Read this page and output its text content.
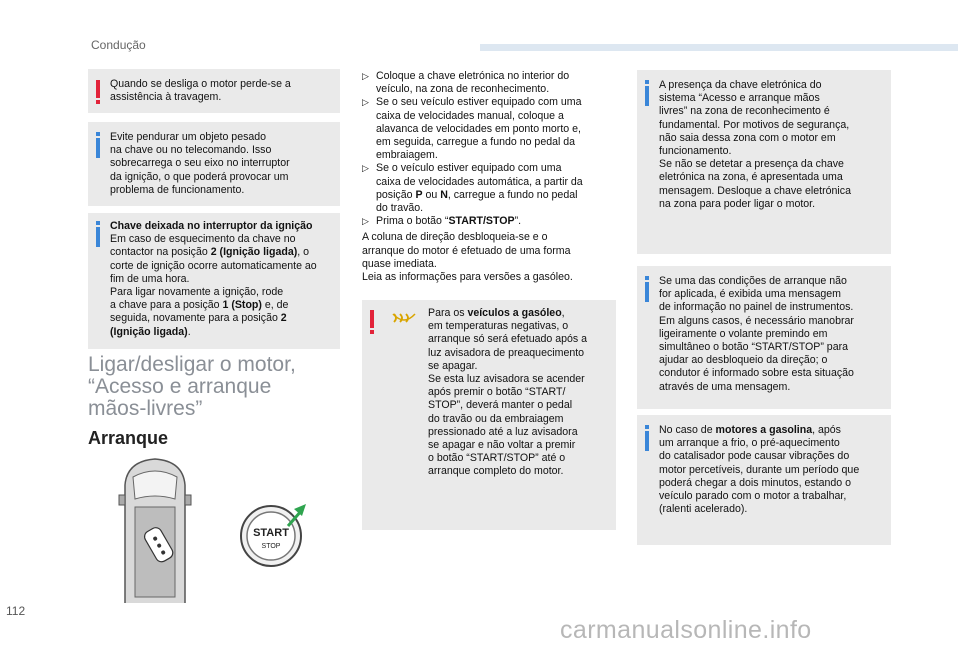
Condução
Quando se desliga o motor perde-se a
assistência à travagem.
Evite pendurar um objeto pesado
na chave ou no telecomando. Isso
sobrecarrega o seu eixo no interruptor
da ignição, o que poderá provocar um
problema de funcionamento.
Chave deixada no interruptor da ignição
Em caso de esquecimento da chave no
contactor na posição 2 (Ignição ligada), o
corte de ignição ocorre automaticamente ao
fim de uma hora.
Para ligar novamente a ignição, rode
a chave para a posição 1 (Stop) e, de
seguida, novamente para a posição 2
(Ignição ligada).
Ligar/desligar o motor,
“Acesso e arranque
mãos-livres”
Arranque
START
STOP
▷ Coloque a chave eletrónica no interior do
veículo, na zona de reconhecimento.
▷ Se o seu veículo estiver equipado com uma
caixa de velocidades manual, coloque a
alavanca de velocidades em ponto morto e,
em seguida, carregue a fundo no pedal da
embraiagem.
▷ Se o veículo estiver equipado com uma
caixa de velocidades automática, a partir da
posição P ou N, carregue a fundo no pedal
do travão.
▷ Prima o botão “START/STOP”.
A coluna de direção desbloqueia-se e o
arranque do motor é efetuado de uma forma
quase imediata.
Leia as informações para versões a gasóleo.
Para os veículos a gasóleo,
em temperaturas negativas, o
arranque só será efetuado após a
luz avisadora de preaquecimento
se apagar.
Se esta luz avisadora se acender
após premir o botão “START/
STOP”, deverá manter o pedal
do travão ou da embraiagem
pressionado até a luz avisadora
se apagar e não voltar a premir
o botão “START/STOP” até o
arranque completo do motor.
A presença da chave eletrónica do
sistema “Acesso e arranque mãos
livres” na zona de reconhecimento é
fundamental. Por motivos de segurança,
não saia dessa zona com o motor em
funcionamento.
Se não se detetar a presença da chave
eletrónica na zona, é apresentada uma
mensagem. Desloque a chave eletrónica
na zona para poder ligar o motor.
Se uma das condições de arranque não
for aplicada, é exibida uma mensagem
de informação no painel de instrumentos.
Em alguns casos, é necessário manobrar
ligeiramente o volante premindo em
simultâneo o botão “START/STOP” para
ajudar ao desbloqueio da direção; o
condutor é informado sobre esta situação
através de uma mensagem.
No caso de motores a gasolina, após
um arranque a frio, o pré-aquecimento
do catalisador pode causar vibrações do
motor percetíveis, durante um período que
poderá chegar a dois minutos, estando o
veículo parado com o motor a trabalhar,
(ralenti acelerado).
112
carmanualsonline.info
